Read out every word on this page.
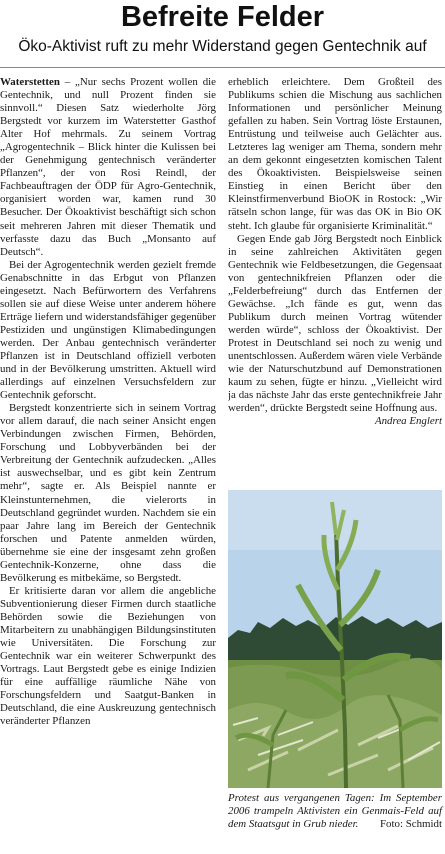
Befreite Felder
Öko-Aktivist ruft zu mehr Widerstand gegen Gentechnik auf

Waterstetten – „Nur sechs Prozent wollen die Gentechnik, und null Prozent finden sie sinnvoll.“ Diesen Satz wiederholte Jörg Bergstedt vor kurzem im Waterstetter Gasthof Alter Hof mehrmals. Zu seinem Vortrag „Agrogentechnik – Blick hinter die Kulissen bei der Genehmigung gentechnisch veränderter Pflanzen“, der von Rosi Reindl, der Fachbeauftragen der ÖDP für Agro-Gentechnik, organisiert worden war, kamen rund 30 Besucher. Der Ökoaktivist beschäftigt sich schon seit mehreren Jahren mit dieser Thematik und verfasste dazu das Buch „Monsanto auf Deutsch“.

Bei der Agrogentechnik werden gezielt fremde Genabschnitte in das Erbgut von Pflanzen eingesetzt. Nach Befürwortern des Verfahrens sollen sie auf diese Weise unter anderem höhere Erträge liefern und widerstandsfähiger gegenüber Pestiziden und ungünstigen Klimabedingungen werden. Der Anbau gentechnisch veränderter Pflanzen ist in Deutschland offiziell verboten und in der Bevölkerung umstritten. Aktuell wird allerdings auf einzelnen Versuchsfeldern zur Gentechnik geforscht.

Bergstedt konzentrierte sich in seinem Vortrag vor allem darauf, die nach seiner Ansicht engen Verbindungen zwischen Firmen, Behörden, Forschung und Lobbyverbänden bei der Verbreitung der Gentechnik aufzudecken. „Alles ist auswechselbar, und es gibt kein Zentrum mehr“, sagte er. Als Beispiel nannte er Kleinstunternehmen, die vielerorts in Deutschland gegründet wurden. Nachdem sie ein paar Jahre lang im Bereich der Gentechnik forschen und Patente anmelden würden, übernehme sie eine der insgesamt zehn großen Gentechnik-Konzerne, ohne dass die Bevölkerung es mitbekäme, so Bergstedt.

Er kritisierte daran vor allem die angebliche Subventionierung dieser Firmen durch staatliche Behörden sowie die Beziehungen von Mitarbeitern zu unabhängigen Bildungsinstituten wie Universitäten. Die Forschung zur Gentechnik war ein weiterer Schwerpunkt des Vortrags. Laut Bergstedt gebe es einige Indizien für eine auffällige räumliche Nähe von Forschungsfeldern und Saatgut-Banken in Deutschland, die eine Auskreuzung gentechnisch veränderter Pflanzen

erheblich erleichtere. Dem Großteil des Publikums schien die Mischung aus sachlichen Informationen und persönlicher Meinung gefallen zu haben. Sein Vortrag löste Erstaunen, Entrüstung und teilweise auch Gelächter aus. Letzteres lag weniger am Thema, sondern mehr an dem gekonnt eingesetzten komischen Talent des Ökoaktivisten. Beispielsweise seinen Einstieg in einen Bericht über den Kleinstfirmenverbund BioOK in Rostock: „Wir rätseln schon lange, für was das OK in Bio OK steht. Ich glaube für organisierte Kriminalität.“

Gegen Ende gab Jörg Bergstedt noch Einblick in seine zahlreichen Aktivitäten gegen Gentechnik wie Feldbesetzungen, die Gegensaat von gentechnikfreien Pflanzen oder die „Felderbefreiung“ durch das Entfernen der Gewächse. „Ich fände es gut, wenn das Publikum durch meinen Vortrag wütender werden würde“, schloss der Ökoaktivist. Der Protest in Deutschland sei noch zu wenig und unentschlossen. Außerdem wären viele Verbände wie der Naturschutzbund auf Demonstrationen kaum zu sehen, fügte er hinzu. „Vielleicht wird ja das nächste Jahr das erste gentechnikfreie Jahr werden“, drückte Bergstedt seine Hoffnung aus.
Andrea Englert

Protest aus vergangenen Tagen: Im September 2006 trampeln Aktivisten ein Genmais-Feld auf dem Staatsgut in Grub nieder. Foto: Schmidt
